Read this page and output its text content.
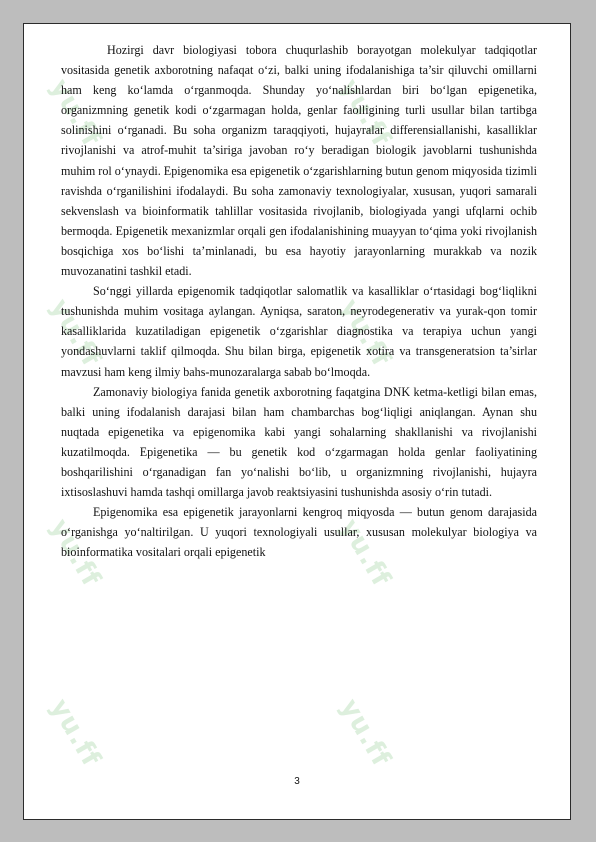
yu.ff	yu.ff
yu.ff	yu.ff
yu.ff	yu.ff
yu.ff	yu.ff

Hozirgi davr biologiyasi tobora chuqurlashib borayotgan molekulyar tadqiqotlar vositasida genetik axborotning nafaqat o‘zi, balki uning ifodalanishiga ta’sir qiluvchi omillarni ham keng ko‘lamda o‘rganmoqda. Shunday yo‘nalishlardan biri bo‘lgan epigenetika, organizmning genetik kodi o‘zgarmagan holda, genlar faolligining turli usullar bilan tartibga solinishini o‘rganadi. Bu soha organizm taraqqiyoti, hujayralar differensiallanishi, kasalliklar rivojlanishi va atrof-muhit ta’siriga javoban ro‘y beradigan biologik javoblarni tushunishda muhim rol o‘ynaydi. Epigenomika esa epigenetik o‘zgarishlarning butun genom miqyosida tizimli ravishda o‘rganilishini ifodalaydi. Bu soha zamonaviy texnologiyalar, xususan, yuqori samarali sekvenslash va bioinformatik tahlillar vositasida rivojlanib, biologiyada yangi ufqlarni ochib bermoqda. Epigenetik mexanizmlar orqali gen ifodalanishining muayyan to‘qima yoki rivojlanish bosqichiga xos bo‘lishi ta’minlanadi, bu esa hayotiy jarayonlarning murakkab va nozik muvozanatini tashkil etadi.

So‘nggi yillarda epigenomik tadqiqotlar salomatlik va kasalliklar o‘rtasidagi bog‘liqlikni tushunishda muhim vositaga aylangan. Ayniqsa, saraton, neyrodegenerativ va yurak-qon tomir kasalliklarida kuzatiladigan epigenetik o‘zgarishlar diagnostika va terapiya uchun yangi yondashuvlarni taklif qilmoqda. Shu bilan birga, epigenetik xotira va transgeneratsion ta’sirlar mavzusi ham keng ilmiy bahs-munozaralarga sabab bo‘lmoqda.

Zamonaviy biologiya fanida genetik axborotning faqatgina DNK ketma-ketligi bilan emas, balki uning ifodalanish darajasi bilan ham chambarchas bog‘liqligi aniqlangan. Aynan shu nuqtada epigenetika va epigenomika kabi yangi sohalarning shakllanishi va rivojlanishi kuzatilmoqda. Epigenetika — bu genetik kod o‘zgarmagan holda genlar faoliyatining boshqarilishini o‘rganadigan fan yo‘nalishi bo‘lib, u organizmning rivojlanishi, hujayra ixtisoslashuvi hamda tashqi omillarga javob reaktsiyasini tushunishda asosiy o‘rin tutadi.

Epigenomika esa epigenetik jarayonlarni kengroq miqyosda — butun genom darajasida o‘rganishga yo‘naltirilgan. U yuqori texnologiyali usullar, xususan molekulyar biologiya va bioinformatika vositalari orqali epigenetik

3
